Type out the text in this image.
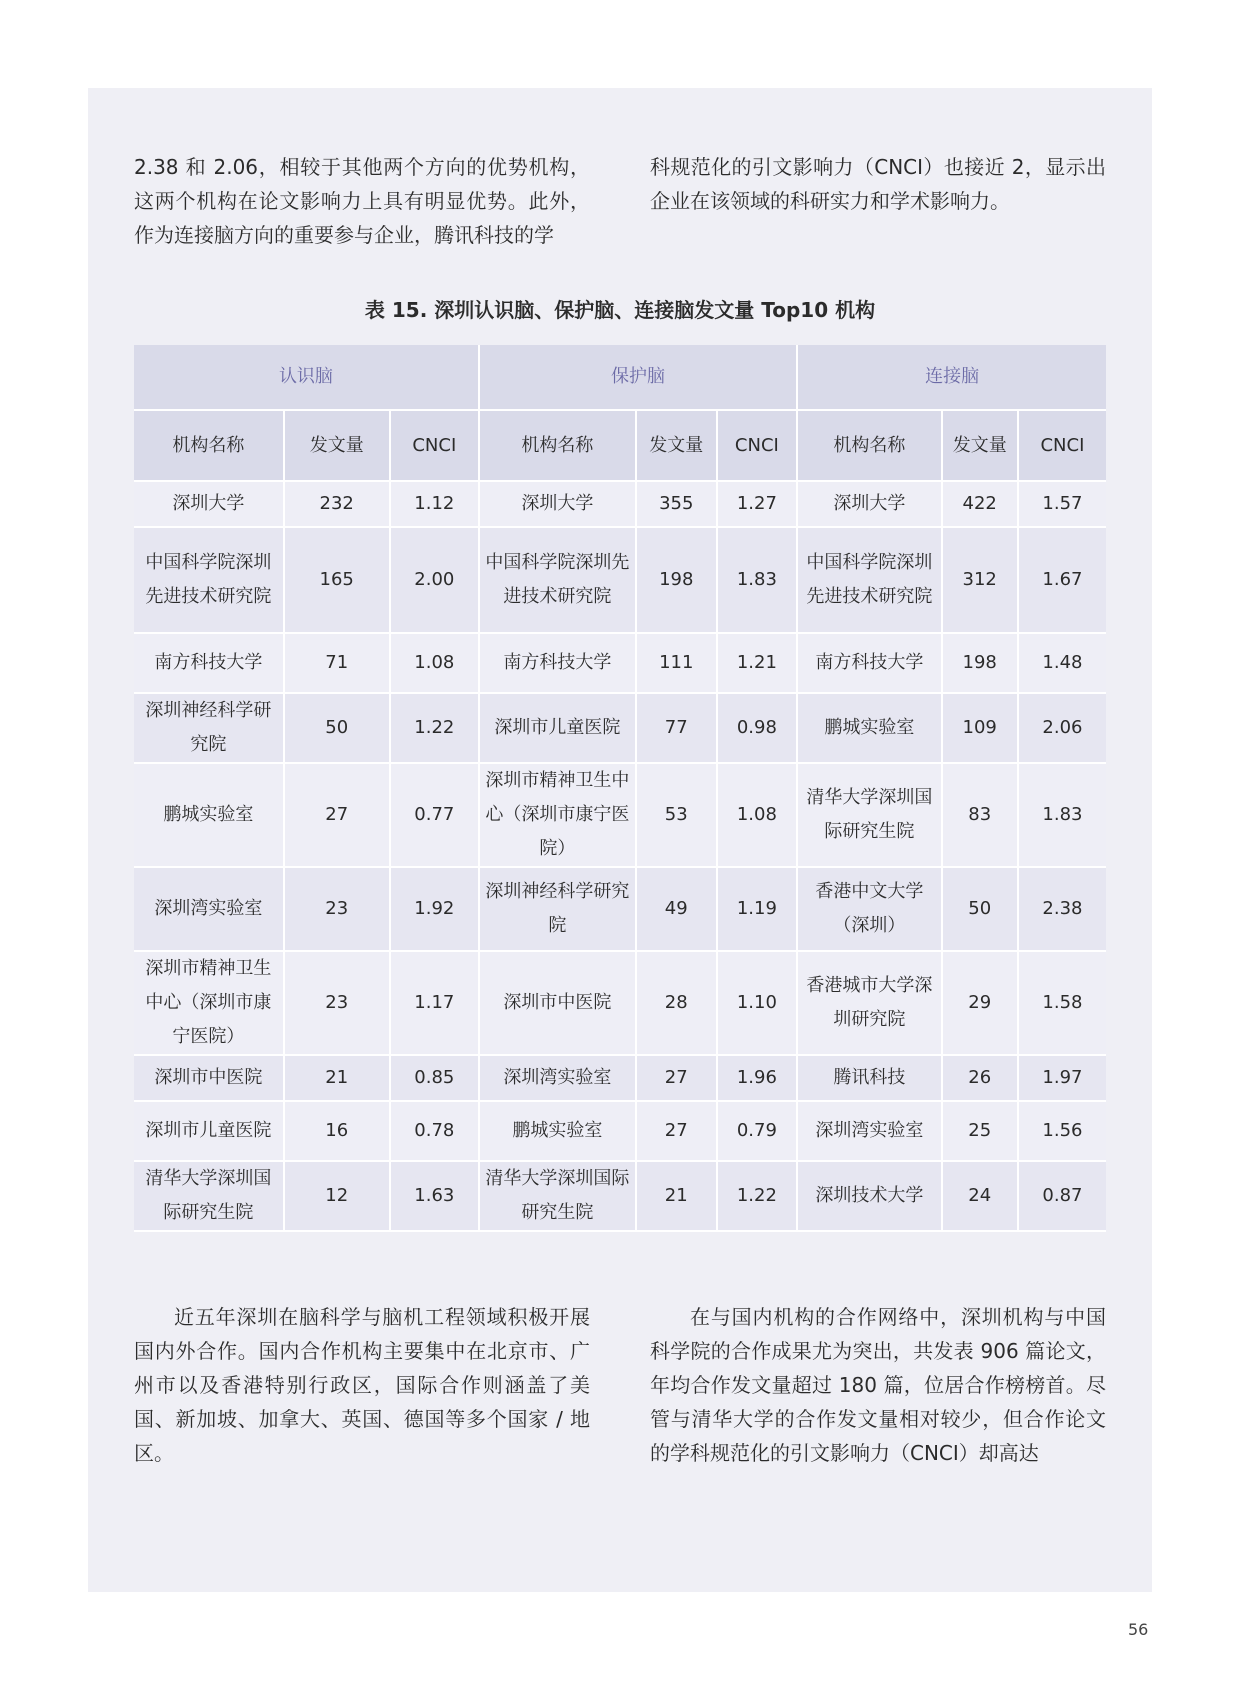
2.38 和 2.06，相较于其他两个方向的优势机构，这两个机构在论文影响力上具有明显优势。此外，作为连接脑方向的重要参与企业，腾讯科技的学

科规范化的引文影响力（CNCI）也接近 2，显示出企业在该领域的科研实力和学术影响力。

表 15. 深圳认识脑、保护脑、连接脑发文量 Top10 机构
认识脑			保护脑			连接脑		
机构名称	发文量	CNCI	机构名称	发文量	CNCI	机构名称	发文量	CNCI
深圳大学	232	1.12	深圳大学	355	1.27	深圳大学	422	1.57
中国科学院深圳先进技术研究院	165	2.00	中国科学院深圳先进技术研究院	198	1.83	中国科学院深圳先进技术研究院	312	1.67
南方科技大学	71	1.08	南方科技大学	111	1.21	南方科技大学	198	1.48
深圳神经科学研究院	50	1.22	深圳市儿童医院	77	0.98	鹏城实验室	109	2.06
鹏城实验室	27	0.77	深圳市精神卫生中心（深圳市康宁医院）	53	1.08	清华大学深圳国际研究生院	83	1.83
深圳湾实验室	23	1.92	深圳神经科学研究院	49	1.19	香港中文大学（深圳）	50	2.38
深圳市精神卫生中心（深圳市康宁医院）	23	1.17	深圳市中医院	28	1.10	香港城市大学深圳研究院	29	1.58
深圳市中医院	21	0.85	深圳湾实验室	27	1.96	腾讯科技	26	1.97
深圳市儿童医院	16	0.78	鹏城实验室	27	0.79	深圳湾实验室	25	1.56
清华大学深圳国际研究生院	12	1.63	清华大学深圳国际研究生院	21	1.22	深圳技术大学	24	0.87

近五年深圳在脑科学与脑机工程领域积极开展国内外合作。国内合作机构主要集中在北京市、广州市以及香港特别行政区，国际合作则涵盖了美国、新加坡、加拿大、英国、德国等多个国家 / 地区。

在与国内机构的合作网络中，深圳机构与中国科学院的合作成果尤为突出，共发表 906 篇论文，年均合作发文量超过 180 篇，位居合作榜榜首。尽管与清华大学的合作发文量相对较少，但合作论文的学科规范化的引文影响力（CNCI）却高达

56
